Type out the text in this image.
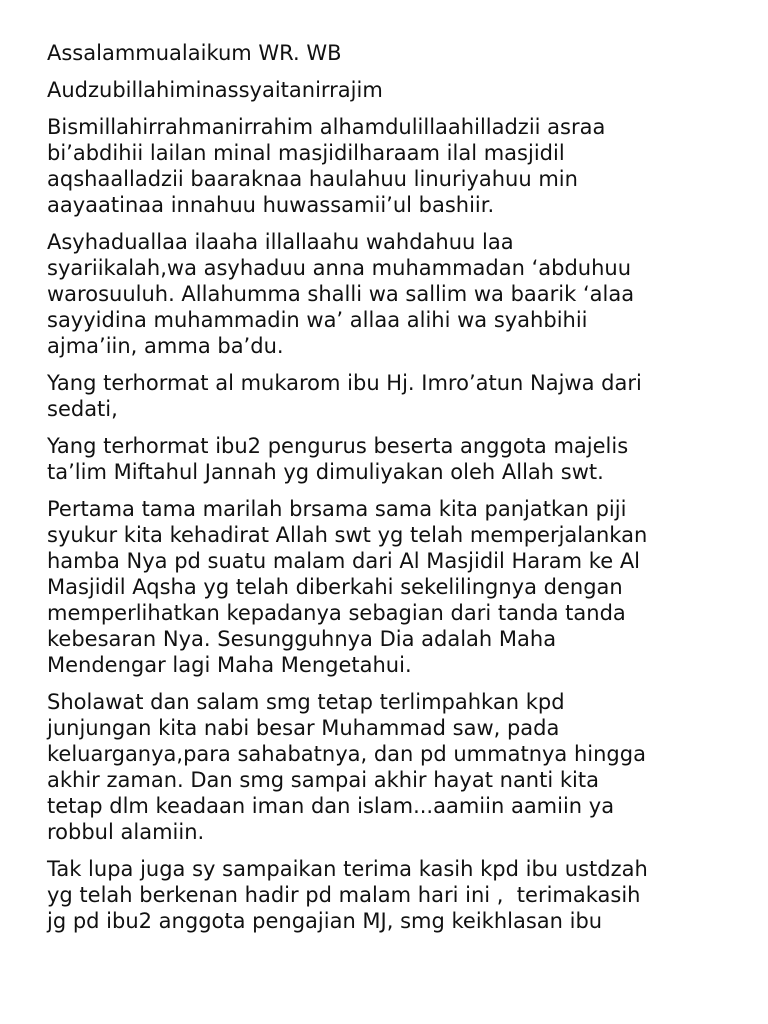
Assalammualaikum WR. WB

Audzubillahiminassyaitanirrajim

Bismillahirrahmanirrahim alhamdulillaahilladzii asraa
bi’abdihii lailan minal masjidilharaam ilal masjidil
aqshaalladzii baaraknaa haulahuu linuriyahuu min
aayaatinaa innahuu huwassamii’ul bashiir.

Asyhaduallaa ilaaha illallaahu wahdahuu laa
syariikalah,wa asyhaduu anna muhammadan ‘abduhuu
warosuuluh. Allahumma shalli wa sallim wa baarik ‘alaa
sayyidina muhammadin wa’ allaa alihi wa syahbihii
ajma’iin, amma ba’du.

Yang terhormat al mukarom ibu Hj. Imro’atun Najwa dari
sedati,

Yang terhormat ibu2 pengurus beserta anggota majelis
ta’lim Miftahul Jannah yg dimuliyakan oleh Allah swt.

Pertama tama marilah brsama sama kita panjatkan piji
syukur kita kehadirat Allah swt yg telah memperjalankan
hamba Nya pd suatu malam dari Al Masjidil Haram ke Al
Masjidil Aqsha yg telah diberkahi sekelilingnya dengan
memperlihatkan kepadanya sebagian dari tanda tanda
kebesaran Nya. Sesungguhnya Dia adalah Maha
Mendengar lagi Maha Mengetahui.

Sholawat dan salam smg tetap terlimpahkan kpd
junjungan kita nabi besar Muhammad saw, pada
keluarganya,para sahabatnya, dan pd ummatnya hingga
akhir zaman. Dan smg sampai akhir hayat nanti kita
tetap dlm keadaan iman dan islam...aamiin aamiin ya
robbul alamiin.

Tak lupa juga sy sampaikan terima kasih kpd ibu ustdzah
yg telah berkenan hadir pd malam hari ini ,  terimakasih
jg pd ibu2 anggota pengajian MJ, smg keikhlasan ibu
